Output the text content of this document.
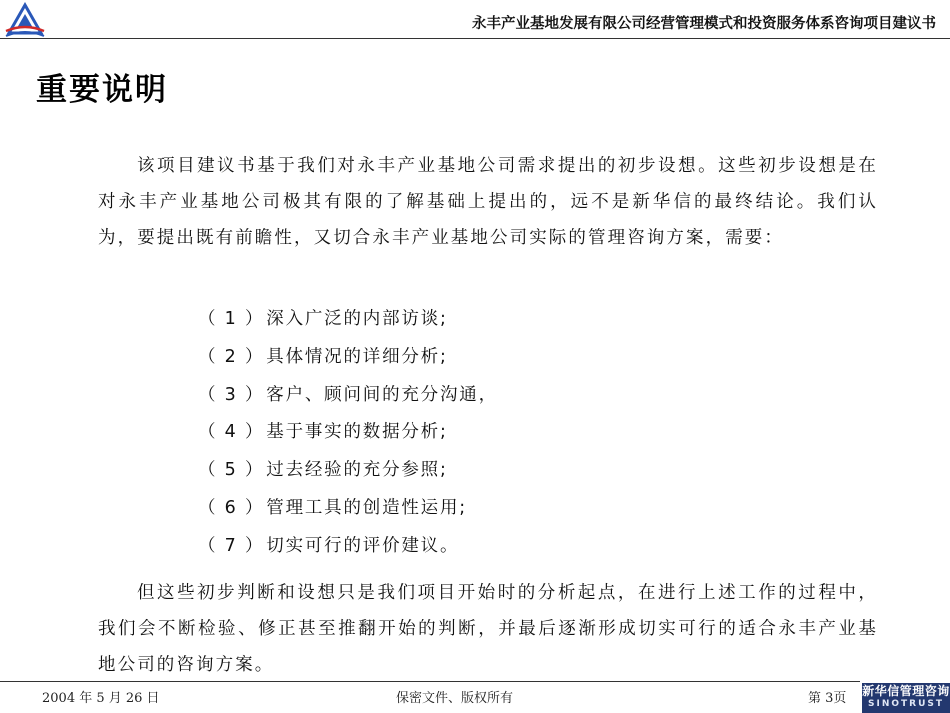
永丰产业基地发展有限公司经营管理模式和投资服务体系咨询项目建议书
重要说明

该项目建议书基于我们对永丰产业基地公司需求提出的初步设想。这些初步设想是在对永丰产业基地公司极其有限的了解基础上提出的，远不是新华信的最终结论。我们认为，要提出既有前瞻性，又切合永丰产业基地公司实际的管理咨询方案，需要：

（ 1 ） 深入广泛的内部访谈;
（ 2 ） 具体情况的详细分析;
（ 3 ） 客户、顾问间的充分沟通，
（ 4 ） 基于事实的数据分析;
（ 5 ） 过去经验的充分参照;
（ 6 ） 管理工具的创造性运用;
（ 7 ） 切实可行的评价建议。

但这些初步判断和设想只是我们项目开始时的分析起点，在进行上述工作的过程中，我们会不断检验、修正甚至推翻开始的判断，并最后逐渐形成切实可行的适合永丰产业基地公司的咨询方案。

2004 年 5 月 26 日	保密文件、版权所有	第 3页 新华信管理咨询
SINOTRUST
